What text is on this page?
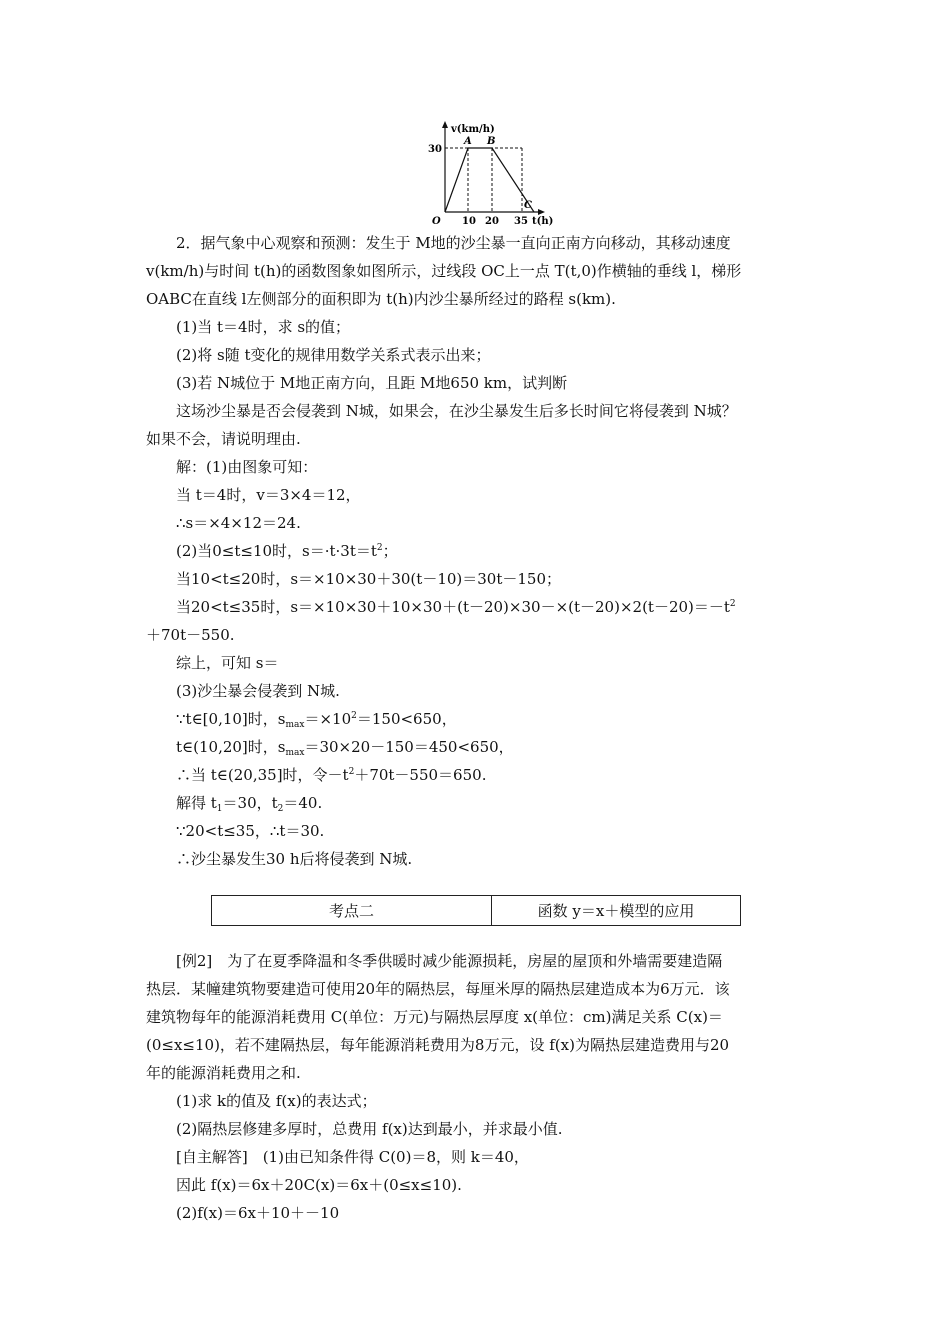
v(km/h)
30
A B
C
O 10 20 35 t(h)
2．据气象中心观察和预测：发生于 M地的沙尘暴一直向正南方向移动，其移动速度
v(km/h)与时间 t(h)的函数图象如图所示，过线段 OC上一点 T(t,0)作横轴的垂线 l，梯形
OABC在直线 l左侧部分的面积即为 t(h)内沙尘暴所经过的路程 s(km).
(1)当 t＝4时，求 s的值；
(2)将 s随 t变化的规律用数学关系式表示出来；
(3)若 N城位于 M地正南方向，且距 M地650 km，试判断
这场沙尘暴是否会侵袭到 N城，如果会，在沙尘暴发生后多长时间它将侵袭到 N城？
如果不会，请说明理由.
解：(1)由图象可知：
当 t＝4时，v＝3×4＝12，
∴s＝×4×12＝24.
(2)当0≤t≤10时，$s=\cdot t\cdot 3t=t^2$；
当10<t≤20时，s＝×10×30＋30(t－10)＝30t－150；
当20<t≤35时，$s=\times 10\times 30+10\times 30+(t-20)\times 30-\times(t-20)\times 2(t-20)=-t^2$
＋70t－550.
综上，可知 s＝
(3)沙尘暴会侵袭到 N城.
∵t∈[0,10]时，$s_{max}=\times 10^2=150<650$，
t∈(10,20]时，$s_{max}=30\times 20-150=450<650$，
∴当 t∈(20,35]时，令$-t^2+70t-550=650$.
解得 $t_1=30$，$t_2=40$.
∵20<t≤35，∴t＝30.
∴沙尘暴发生30 h后将侵袭到 N城.
考点二	函数 y＝x＋模型的应用
[例2]　为了在夏季降温和冬季供暖时减少能源损耗，房屋的屋顶和外墙需要建造隔
热层．某幢建筑物要建造可使用20年的隔热层，每厘米厚的隔热层建造成本为6万元．该
建筑物每年的能源消耗费用 C(单位：万元)与隔热层厚度 x(单位：cm)满足关系 C(x)＝
(0≤x≤10)，若不建隔热层，每年能源消耗费用为8万元，设 f(x)为隔热层建造费用与20
年的能源消耗费用之和.
(1)求 k的值及 f(x)的表达式；
(2)隔热层修建多厚时，总费用 f(x)达到最小，并求最小值.
[自主解答]　(1)由已知条件得 C(0)＝8，则 k＝40，
因此 f(x)＝6x＋20C(x)＝6x＋(0≤x≤10).
(2)f(x)＝6x＋10＋－10
